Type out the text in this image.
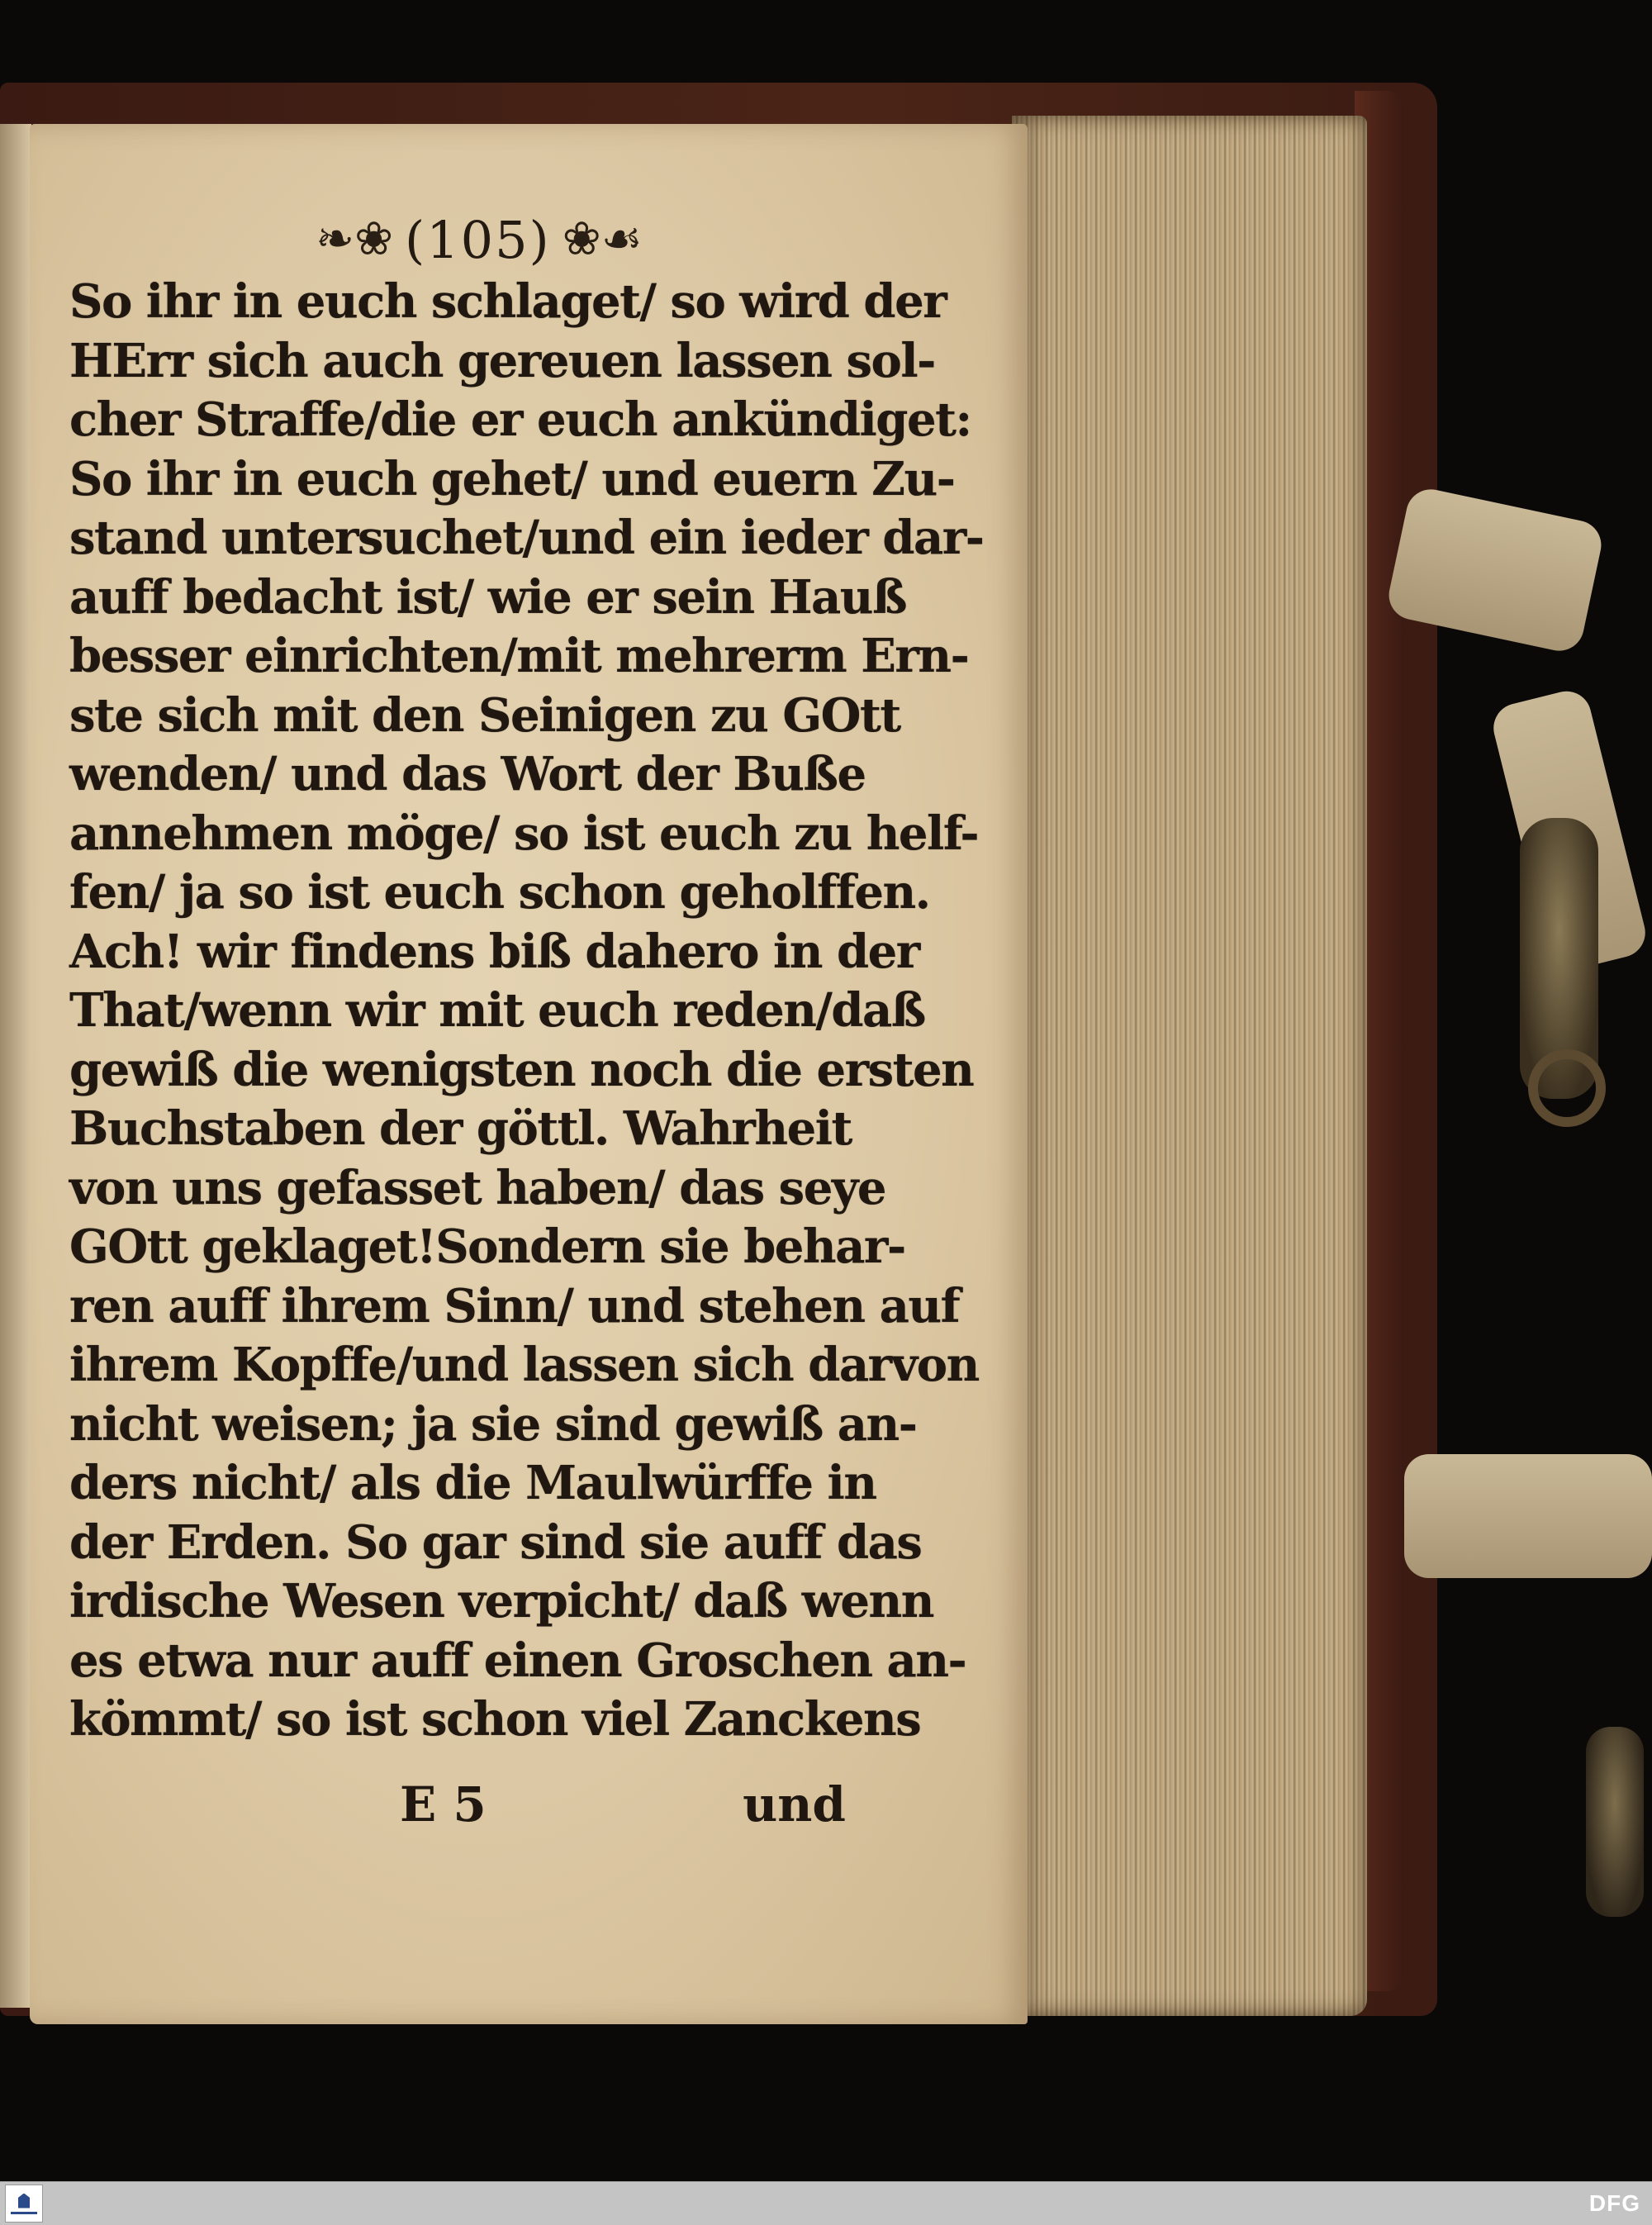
❧❀ (105) ❀☙
So ihr in euch schlaget/ so wird der
HErr sich auch gereuen lassen sol-
cher Straffe/die er euch ankündiget:
So ihr in euch gehet/ und euern Zu-
stand untersuchet/und ein ieder dar-
auff bedacht ist/ wie er sein Hauß
besser einrichten/mit mehrerm Ern-
ste sich mit den Seinigen zu GOtt
wenden/ und das Wort der Buße
annehmen möge/ so ist euch zu helf-
fen/ ja so ist euch schon geholffen.
Ach! wir findens biß dahero in der
That/wenn wir mit euch reden/daß
gewiß die wenigsten noch die ersten
Buchstaben der göttl. Wahrheit
von uns gefasset haben/ das seye
GOtt geklaget!Sondern sie behar-
ren auff ihrem Sinn/ und stehen auf
ihrem Kopffe/und lassen sich darvon
nicht weisen; ja sie sind gewiß an-
ders nicht/ als die Maulwürffe in
der Erden. So gar sind sie auff das
irdische Wesen verpicht/ daß wenn
es etwa nur auff einen Groschen an-
kömmt/ so ist schon viel Zanckens
E 5	und
DFG
